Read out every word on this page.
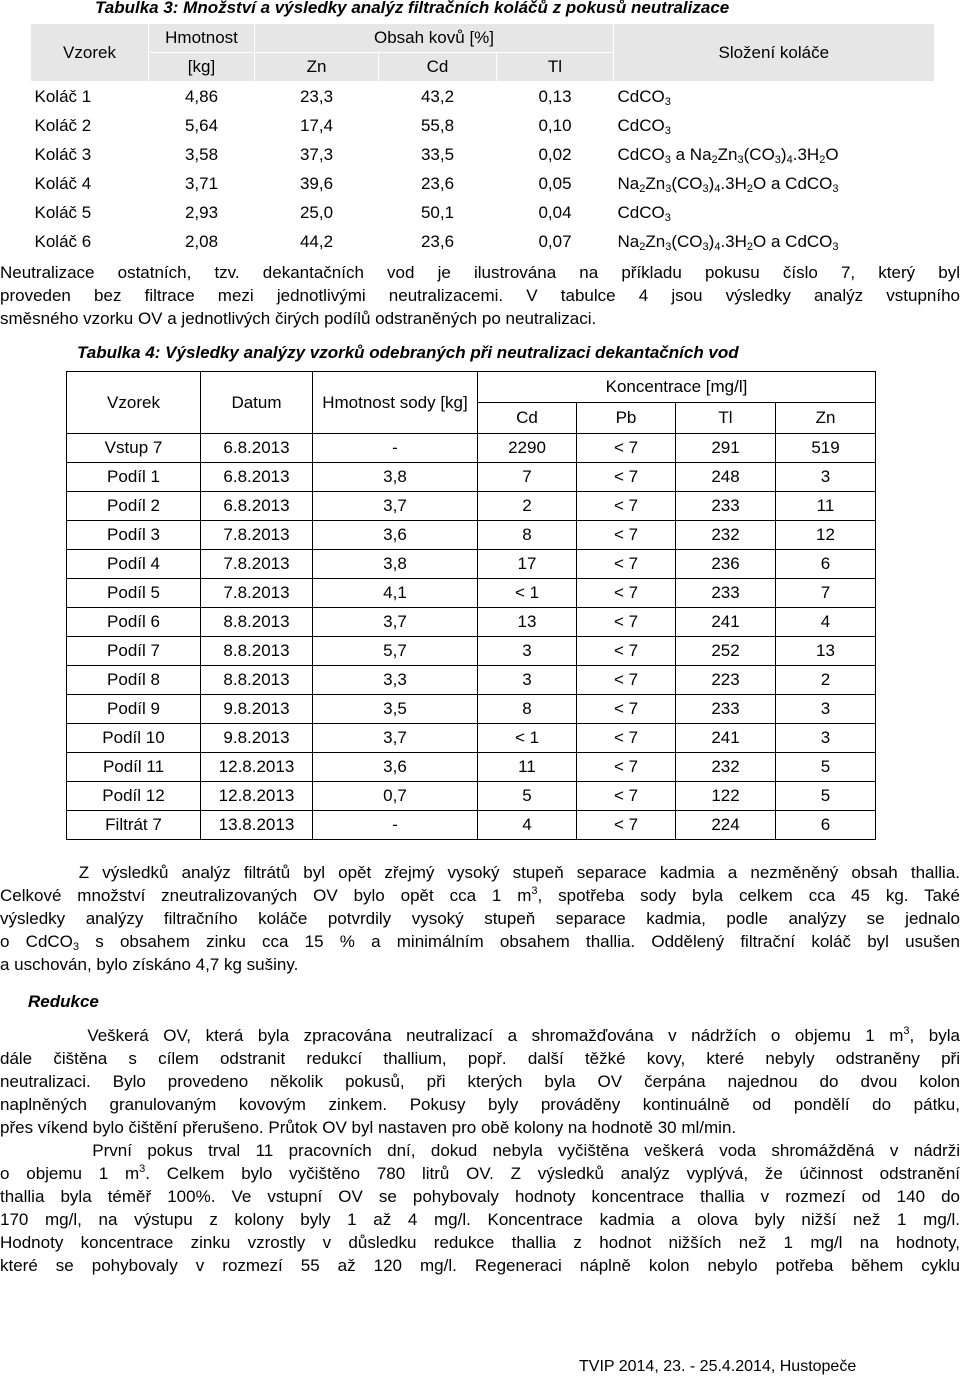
Tabulka 3: Množství a výsledky analýz filtračních koláčů z pokusů neutralizace
Vzorek	Hmotnost	Obsah kovů [%]			Složení koláče
	[kg]	Zn	Cd	Tl	
Koláč 1	4,86	23,3	43,2	0,13	CdCO$_3$
Koláč 2	5,64	17,4	55,8	0,10	CdCO$_3$
Koláč 3	3,58	37,3	33,5	0,02	CdCO$_3$ a $Na_2Zn_3(CO_3)_4.3H_2O$
Koláč 4	3,71	39,6	23,6	0,05	$Na_2Zn_3(CO_3)_4.3H_2O$ a CdCO$_3$
Koláč 5	2,93	25,0	50,1	0,04	CdCO$_3$
Koláč 6	2,08	44,2	23,6	0,07	$Na_2Zn_3(CO_3)_4.3H_2O$ a CdCO$_3$
Neutralizace ostatních, tzv. dekantačních vod je ilustrována na příkladu pokusu číslo 7, který byl
proveden bez filtrace mezi jednotlivými neutralizacemi. V tabulce 4 jsou výsledky analýz vstupního
směsného vzorku OV a jednotlivých čirých podílů odstraněných po neutralizaci.
Tabulka 4: Výsledky analýzy vzorků odebraných při neutralizaci dekantačních vod
Vzorek	Datum	Hmotnost sody [kg]	Koncentrace [mg/l]			
			Cd	Pb	Tl	Zn
Vstup 7	6.8.2013	-	2290	< 7	291	519
Podíl 1	6.8.2013	3,8	7	< 7	248	3
Podíl 2	6.8.2013	3,7	2	< 7	233	11
Podíl 3	7.8.2013	3,6	8	< 7	232	12
Podíl 4	7.8.2013	3,8	17	< 7	236	6
Podíl 5	7.8.2013	4,1	< 1	< 7	233	7
Podíl 6	8.8.2013	3,7	13	< 7	241	4
Podíl 7	8.8.2013	5,7	3	< 7	252	13
Podíl 8	8.8.2013	3,3	3	< 7	223	2
Podíl 9	9.8.2013	3,5	8	< 7	233	3
Podíl 10	9.8.2013	3,7	< 1	< 7	241	3
Podíl 11	12.8.2013	3,6	11	< 7	232	5
Podíl 12	12.8.2013	0,7	5	< 7	122	5
Filtrát 7	13.8.2013	-	4	< 7	224	6
Z výsledků analýz filtrátů byl opět zřejmý vysoký stupeň separace kadmia a nezměněný obsah thallia.
Celkové množství zneutralizovaných OV bylo opět cca 1 $m^3$, spotřeba sody byla celkem cca 45 kg. Také
výsledky analýzy filtračního koláče potvrdily vysoký stupeň separace kadmia, podle analýzy se jednalo
o CdCO$_3$ s obsahem zinku cca 15 % a minimálním obsahem thallia. Oddělený filtrační koláč byl usušen
a uschován, bylo získáno 4,7 kg sušiny.
Redukce
Veškerá OV, která byla zpracována neutralizací a shromažďována v nádržích o objemu 1 $m^3$, byla
dále čištěna s cílem odstranit redukcí thallium, popř. další těžké kovy, které nebyly odstraněny při
neutralizaci. Bylo provedeno několik pokusů, při kterých byla OV čerpána najednou do dvou kolon
naplněných granulovaným kovovým zinkem. Pokusy byly prováděny kontinuálně od pondělí do pátku,
přes víkend bylo čištění přerušeno. Průtok OV byl nastaven pro obě kolony na hodnotě 30 ml/min.
První pokus trval 11 pracovních dní, dokud nebyla vyčištěna veškerá voda shromážděná v nádrži
o objemu 1 $m^3$. Celkem bylo vyčištěno 780 litrů OV. Z výsledků analýz vyplývá, že účinnost odstranění
thallia byla téměř 100%. Ve vstupní OV se pohybovaly hodnoty koncentrace thallia v rozmezí od 140 do
170 mg/l, na výstupu z kolony byly 1 až 4 mg/l. Koncentrace kadmia a olova byly nižší než 1 mg/l.
Hodnoty koncentrace zinku vzrostly v důsledku redukce thallia z hodnot nižších než 1 mg/l na hodnoty,
které se pohybovaly v rozmezí 55 až 120 mg/l. Regeneraci náplně kolon nebylo potřeba během cyklu
TVIP 2014, 23. - 25.4.2014, Hustopeče
